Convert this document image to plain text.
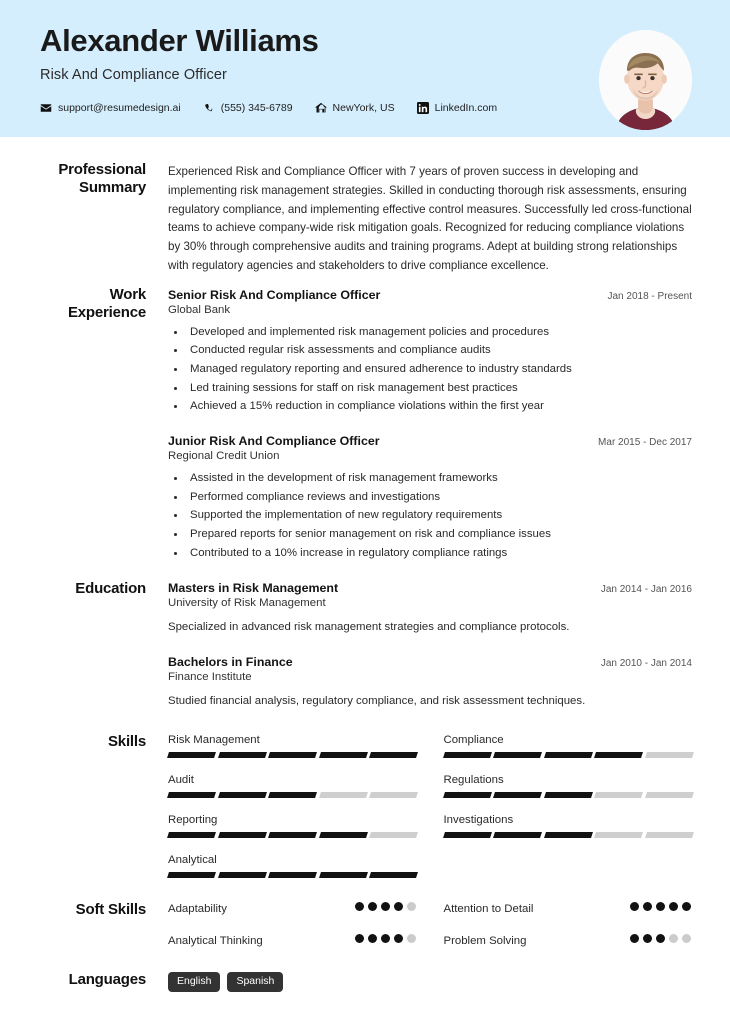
Alexander Williams
Risk And Compliance Officer
support@resumedesign.ai	(555) 345-6789	NewYork, US	LinkedIn.com
Professional Summary
Experienced Risk and Compliance Officer with 7 years of proven success in developing and implementing risk management strategies. Skilled in conducting thorough risk assessments, ensuring regulatory compliance, and implementing effective control measures. Successfully led cross-functional teams to achieve company-wide risk mitigation goals. Recognized for reducing compliance violations by 30% through comprehensive audits and training programs. Adept at building strong relationships with regulatory agencies and stakeholders to drive compliance excellence.
Work Experience
Senior Risk And Compliance Officer	Jan 2018 - Present
Global Bank
• Developed and implemented risk management policies and procedures
• Conducted regular risk assessments and compliance audits
• Managed regulatory reporting and ensured adherence to industry standards
• Led training sessions for staff on risk management best practices
• Achieved a 15% reduction in compliance violations within the first year
Junior Risk And Compliance Officer	Mar 2015 - Dec 2017
Regional Credit Union
• Assisted in the development of risk management frameworks
• Performed compliance reviews and investigations
• Supported the implementation of new regulatory requirements
• Prepared reports for senior management on risk and compliance issues
• Contributed to a 10% increase in regulatory compliance ratings
Education	Masters in Risk Management	Jan 2014 - Jan 2016
University of Risk Management
Specialized in advanced risk management strategies and compliance protocols.
Bachelors in Finance	Jan 2010 - Jan 2014
Finance Institute
Studied financial analysis, regulatory compliance, and risk assessment techniques.
Skills	Risk Management	Compliance
Audit	Regulations
Reporting	Investigations
Analytical
Soft Skills	Adaptability	Attention to Detail
Analytical Thinking	Problem Solving
Languages	English	Spanish
